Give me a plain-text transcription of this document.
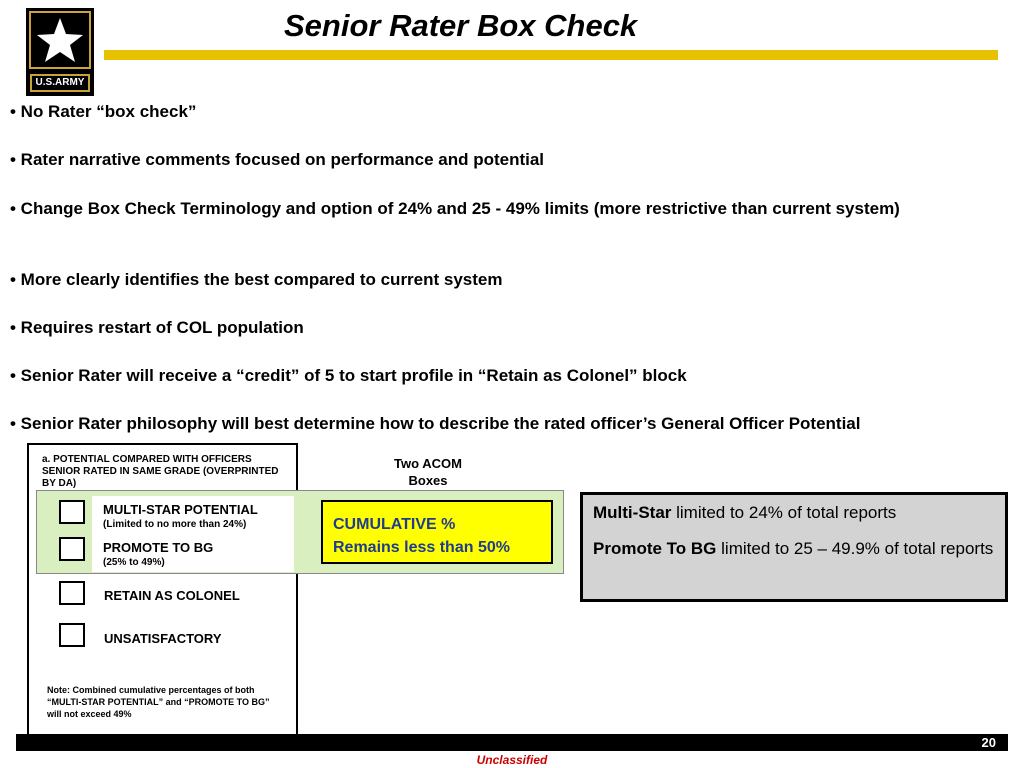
U.S.ARMY
Senior Rater Box Check
• No Rater “box check”
• Rater narrative comments focused on performance and potential
• Change Box Check Terminology and option of 24% and 25 - 49% limits (more restrictive than current system)
• More clearly identifies the best compared to current system
• Requires restart of COL population
• Senior Rater will receive a “credit” of 5 to start profile in “Retain as Colonel” block
• Senior Rater philosophy will best determine how to describe the rated officer’s General Officer Potential
a. POTENTIAL COMPARED WITH OFFICERS SENIOR RATED IN SAME GRADE (OVERPRINTED BY DA)
MULTI-STAR POTENTIAL
(Limited to no more than 24%)
PROMOTE TO BG
(25% to 49%)
RETAIN AS COLONEL
UNSATISFACTORY
Note: Combined cumulative percentages of both “MULTI-STAR POTENTIAL” and “PROMOTE TO BG” will not exceed 49%
Two ACOM
Boxes
CUMULATIVE %
Remains less than 50%

Multi-Star limited to 24% of total reports

Promote To BG limited to 25 – 49.9% of total reports

20
Unclassified
